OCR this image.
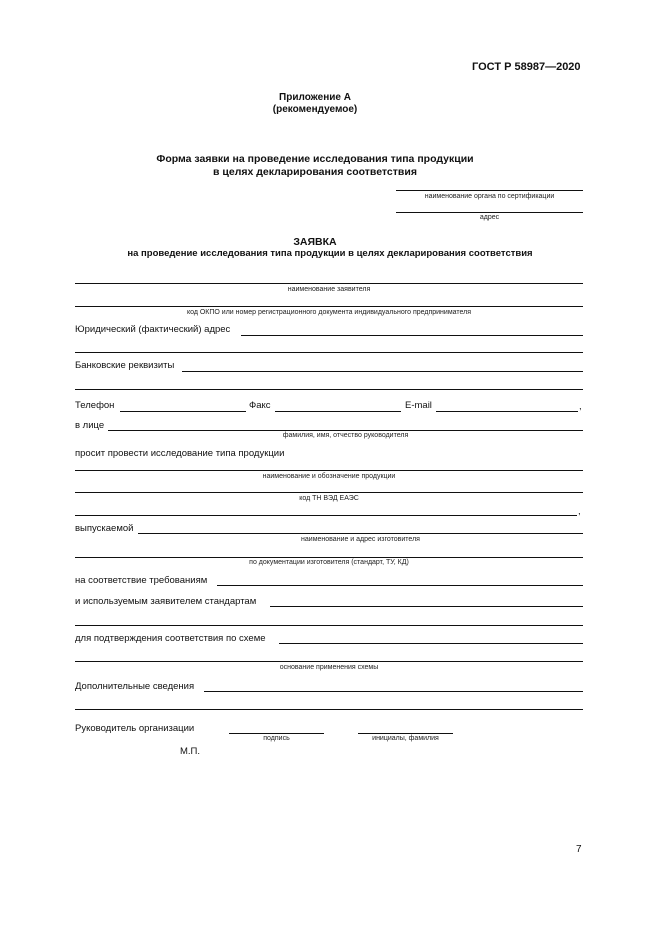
ГОСТ Р 58987—2020
Приложение А
(рекомендуемое)
Форма заявки на проведение исследования типа продукции
в целях декларирования соответствия
наименование органа по сертификации
адрес
ЗАЯВКА
на проведение исследования типа продукции в целях декларирования соответствия
наименование заявителя
код ОКПО или номер регистрационного документа индивидуального предпринимателя
Юридический (фактический) адрес
Банковские реквизиты
Телефон	Факс	E-mail	,
в лице
фамилия, имя, отчество руководителя
просит провести исследование типа продукции
наименование и обозначение продукции
код ТН ВЭД ЕАЭС
,
выпускаемой
наименование и адрес изготовителя
по документации изготовителя (стандарт, ТУ, КД)
на соответствие требованиям
и используемым заявителем стандартам
для подтверждения соответствия по схеме
основание применения схемы
Дополнительные сведения
Руководитель организации
подпись	инициалы, фамилия
М.П.
7
